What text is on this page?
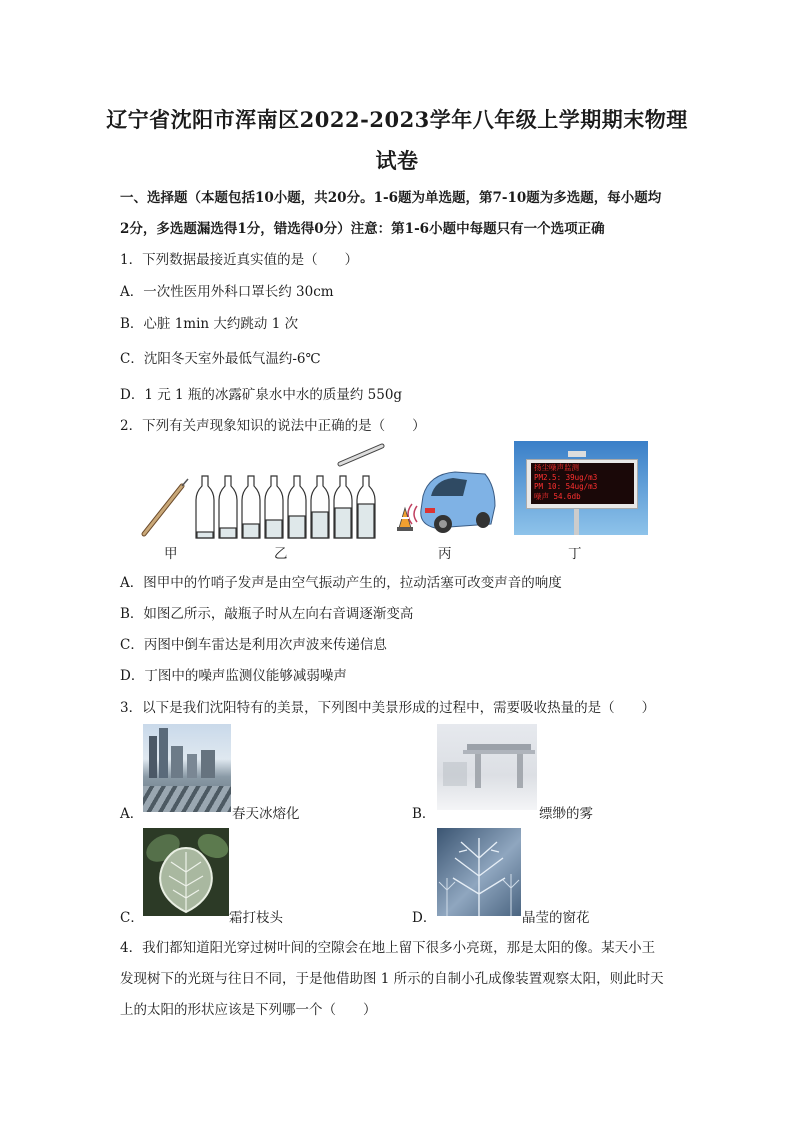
辽宁省沈阳市浑南区2022-2023学年八年级上学期期末物理
试卷
一、选择题（本题包括10小题，共20分。1-6题为单选题，第7-10题为多选题，每小题均
2分，多选题漏选得1分，错选得0分）注意：第1-6小题中每题只有一个选项正确
1．下列数据最接近真实值的是（　　）
A．一次性医用外科口罩长约 30cm
B．心脏 1min 大约跳动 1 次
C．沈阳冬天室外最低气温约-6℃
D．1 元 1 瓶的冰露矿泉水中水的质量约 550g
2．下列有关声现象知识的说法中正确的是（　　）
甲	乙	丙
扬尘噪声监测
PM2.5: 39ug/m3
PM 10: 54ug/m3
噪声 54.6db
丁
A．图甲中的竹哨子发声是由空气振动产生的，拉动活塞可改变声音的响度
B．如图乙所示，敲瓶子时从左向右音调逐渐变高
C．丙图中倒车雷达是利用次声波来传递信息
D．丁图中的噪声监测仪能够减弱噪声
3．以下是我们沈阳特有的美景，下列图中美景形成的过程中，需要吸收热量的是（　　）
A．	春天冰熔化	B．	缥缈的雾
C．	霜打枝头	D．	晶莹的窗花
4．我们都知道阳光穿过树叶间的空隙会在地上留下很多小亮斑，那是太阳的像。某天小王
发现树下的光斑与往日不同，于是他借助图 1 所示的自制小孔成像装置观察太阳，则此时天
上的太阳的形状应该是下列哪一个（　　）
